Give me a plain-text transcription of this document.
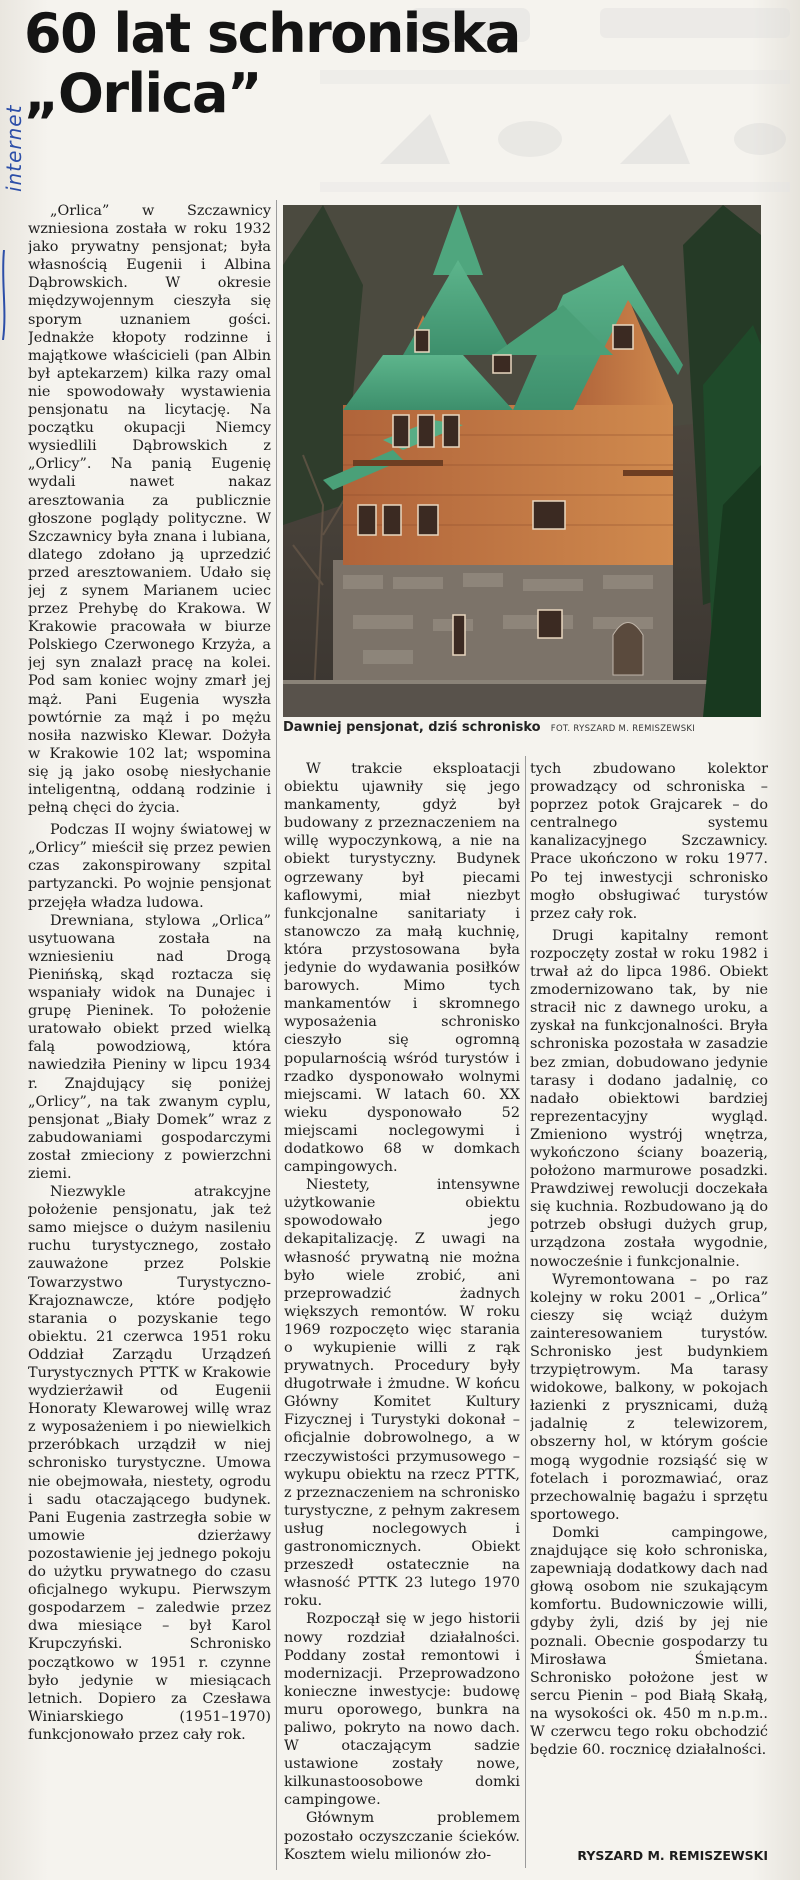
internet
60 lat schroniska
„Orlica”
Dawniej pensjonat, dziś schronisko FOT. RYSZARD M. REMISZEWSKI

„Orlica” w Szczawnicy wzniesiona została w roku 1932 jako prywatny pensjonat; była własnością Eugenii i Albina Dąbrowskich. W okresie międzywojennym cieszyła się sporym uznaniem gości. Jednakże kłopoty rodzinne i majątkowe właścicieli (pan Albin był aptekarzem) kilka razy omal nie spowodowały wystawienia pensjonatu na licytację. Na początku okupacji Niemcy wysiedlili Dąbrowskich z „Orlicy”. Na panią Eugenię wydali nawet nakaz aresztowania za publicznie głoszone poglądy polityczne. W Szczawnicy była znana i lubiana, dlatego zdołano ją uprzedzić przed aresztowaniem. Udało się jej z synem Marianem uciec przez Prehybę do Krakowa. W Krakowie pracowała w biurze Polskiego Czerwonego Krzyża, a jej syn znalazł pracę na kolei. Pod sam koniec wojny zmarł jej mąż. Pani Eugenia wyszła powtórnie za mąż i po mężu nosiła nazwisko Klewar. Dożyła w Krakowie 102 lat; wspomina się ją jako osobę niesłychanie inteligentną, oddaną rodzinie i pełną chęci do życia.

Podczas II wojny światowej w „Orlicy” mieścił się przez pewien czas zakonspirowany szpital partyzancki. Po wojnie pensjonat przejęła władza ludowa.

Drewniana, stylowa „Orlica” usytuowana została na wzniesieniu nad Drogą Pienińską, skąd roztacza się wspaniały widok na Dunajec i grupę Pieninek. To położenie uratowało obiekt przed wielką falą powodziową, która nawiedziła Pieniny w lipcu 1934 r. Znajdujący się poniżej „Orlicy”, na tak zwanym cyplu, pensjonat „Biały Domek” wraz z zabudowaniami gospodarczymi został zmieciony z powierzchni ziemi.

Niezwykle atrakcyjne położenie pensjonatu, jak też samo miejsce o dużym nasileniu ruchu turystycznego, zostało zauważone przez Polskie Towarzystwo Turystyczno-Krajoznawcze, które podjęło starania o pozyskanie tego obiektu. 21 czerwca 1951 roku Oddział Zarządu Urządzeń Turystycznych PTTK w Krakowie wydzierżawił od Eugenii Honoraty Klewarowej willę wraz z wyposażeniem i po niewielkich przeróbkach urządził w niej schronisko turystyczne. Umowa nie obejmowała, niestety, ogrodu i sadu otaczającego budynek. Pani Eugenia zastrzegła sobie w umowie dzierżawy pozostawienie jej jednego pokoju do użytku prywatnego do czasu oficjalnego wykupu. Pierwszym gospodarzem – zaledwie przez dwa miesiące – był Karol Krupczyński. Schronisko początkowo w 1951 r. czynne było jedynie w miesiącach letnich. Dopiero za Czesława Winiarskiego (1951–1970) funkcjonowało przez cały rok.

W trakcie eksploatacji obiektu ujawniły się jego mankamenty, gdyż był budowany z przeznaczeniem na willę wypoczynkową, a nie na obiekt turystyczny. Budynek ogrzewany był piecami kaflowymi, miał niezbyt funkcjonalne sanitariaty i stanowczo za małą kuchnię, która przystosowana była jedynie do wydawania posiłków barowych. Mimo tych mankamentów i skromnego wyposażenia schronisko cieszyło się ogromną popularnością wśród turystów i rzadko dysponowało wolnymi miejscami. W latach 60. XX wieku dysponowało 52 miejscami noclegowymi i dodatkowo 68 w domkach campingowych.

Niestety, intensywne użytkowanie obiektu spowodowało jego dekapitalizację. Z uwagi na własność prywatną nie można było wiele zrobić, ani przeprowadzić żadnych większych remontów. W roku 1969 rozpoczęto więc starania o wykupienie willi z rąk prywatnych. Procedury były długotrwałe i żmudne. W końcu Główny Komitet Kultury Fizycznej i Turystyki dokonał – oficjalnie dobrowolnego, a w rzeczywistości przymusowego – wykupu obiektu na rzecz PTTK, z przeznaczeniem na schronisko turystyczne, z pełnym zakresem usług noclegowych i gastronomicznych. Obiekt przeszedł ostatecznie na własność PTTK 23 lutego 1970 roku.

Rozpoczął się w jego historii nowy rozdział działalności. Poddany został remontowi i modernizacji. Przeprowadzono konieczne inwestycje: budowę muru oporowego, bunkra na paliwo, pokryto na nowo dach. W otaczającym sadzie ustawione zostały nowe, kilkunastoosobowe domki campingowe.

Głównym problemem pozostało oczyszczanie ścieków. Kosztem wielu milionów zło-

tych zbudowano kolektor prowadzący od schroniska – poprzez potok Grajcarek – do centralnego systemu kanalizacyjnego Szczawnicy. Prace ukończono w roku 1977. Po tej inwestycji schronisko mogło obsługiwać turystów przez cały rok.

Drugi kapitalny remont rozpoczęty został w roku 1982 i trwał aż do lipca 1986. Obiekt zmodernizowano tak, by nie stracił nic z dawnego uroku, a zyskał na funkcjonalności. Bryła schroniska pozostała w zasadzie bez zmian, dobudowano jedynie tarasy i dodano jadalnię, co nadało obiektowi bardziej reprezentacyjny wygląd. Zmieniono wystrój wnętrza, wykończono ściany boazerią, położono marmurowe posadzki. Prawdziwej rewolucji doczekała się kuchnia. Rozbudowano ją do potrzeb obsługi dużych grup, urządzona została wygodnie, nowocześnie i funkcjonalnie.

Wyremontowana – po raz kolejny w roku 2001 – „Orlica” cieszy się wciąż dużym zainteresowaniem turystów. Schronisko jest budynkiem trzypiętrowym. Ma tarasy widokowe, balkony, w pokojach łazienki z prysznicami, dużą jadalnię z telewizorem, obszerny hol, w którym goście mogą wygodnie rozsiąść się w fotelach i porozmawiać, oraz przechowalnię bagażu i sprzętu sportowego.

Domki campingowe, znajdujące się koło schroniska, zapewniają dodatkowy dach nad głową osobom nie szukającym komfortu. Budowniczowie willi, gdyby żyli, dziś by jej nie poznali. Obecnie gospodarzy tu Mirosława Śmietana. Schronisko położone jest w sercu Pienin – pod Białą Skałą, na wysokości ok. 450 m n.p.m.. W czerwcu tego roku obchodzić będzie 60. rocznicę działalności.

RYSZARD M. REMISZEWSKI
